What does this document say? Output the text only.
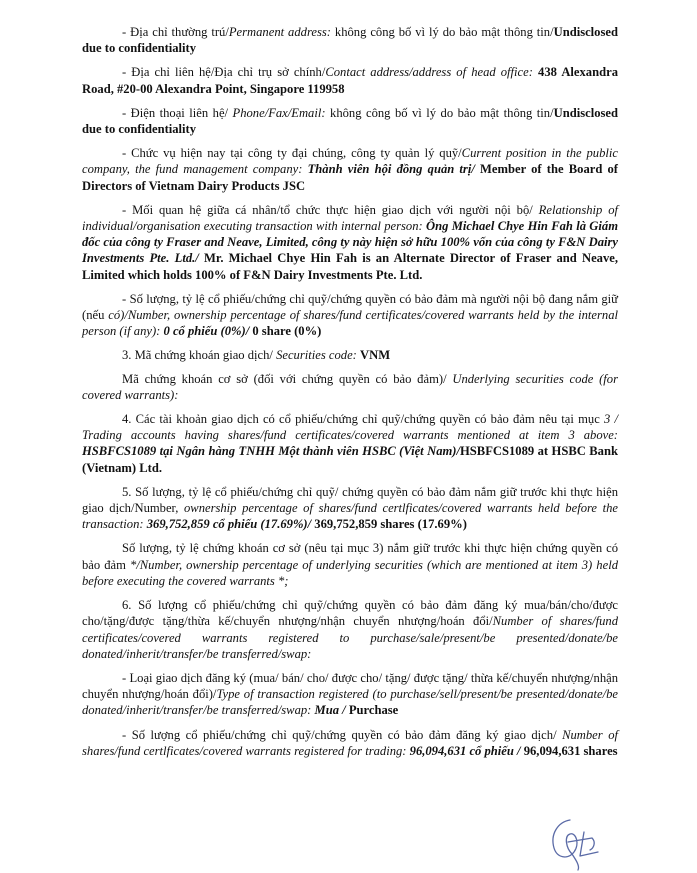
- Địa chỉ thường trú/Permanent address: không công bố vì lý do bảo mật thông tin/Undisclosed due to confidentiality

- Địa chỉ liên hệ/Địa chỉ trụ sở chính/Contact address/address of head office: 438 Alexandra Road, #20-00 Alexandra Point, Singapore 119958

- Điện thoại liên hệ/ Phone/Fax/Email: không công bố vì lý do bảo mật thông tin/Undisclosed due to confidentiality

- Chức vụ hiện nay tại công ty đại chúng, công ty quản lý quỹ/Current position in the public company, the fund management company: Thành viên hội đồng quản trị/ Member of the Board of Directors of Vietnam Dairy Products JSC

- Mối quan hệ giữa cá nhân/tổ chức thực hiện giao dịch với người nội bộ/ Relationship of individual/organisation executing transaction with internal person: Ông Michael Chye Hin Fah là Giám đốc của công ty Fraser and Neave, Limited, công ty này hiện sở hữu 100% vốn của công ty F&N Dairy Investments Pte. Ltd./ Mr. Michael Chye Hin Fah is an Alternate Director of Fraser and Neave, Limited which holds 100% of F&N Dairy Investments Pte. Ltd.

- Số lượng, tỷ lệ cổ phiếu/chứng chỉ quỹ/chứng quyền có bảo đảm mà người nội bộ đang nắm giữ (nếu có)/Number, ownership percentage of shares/fund certificates/covered warrants held by the internal person (if any): 0 cổ phiếu (0%)/ 0 share (0%)

3. Mã chứng khoán giao dịch/ Securities code: VNM

Mã chứng khoán cơ sở (đối với chứng quyền có bảo đảm)/ Underlying securities code (for covered warrants):

4. Các tài khoản giao dịch có cổ phiếu/chứng chỉ quỹ/chứng quyền có bảo đảm nêu tại mục 3 / Trading accounts having shares/fund certificates/covered warrants mentioned at item 3 above: HSBFCS1089 tại Ngân hàng TNHH Một thành viên HSBC (Việt Nam)/HSBFCS1089 at HSBC Bank (Vietnam) Ltd.

5. Số lượng, tỷ lệ cổ phiếu/chứng chỉ quỹ/ chứng quyền có bảo đảm nắm giữ trước khi thực hiện giao dịch/Number, ownership percentage of shares/fund certlficates/covered warrants held before the transaction: 369,752,859 cổ phiếu (17.69%)/ 369,752,859 shares (17.69%)

Số lượng, tỷ lệ chứng khoán cơ sở (nêu tại mục 3) nắm giữ trước khi thực hiện chứng quyền có bảo đảm */Number, ownership percentage of underlying securities (which are mentioned at item 3) held before executing the covered warrants *;

6. Số lượng cổ phiếu/chứng chỉ quỹ/chứng quyền có bảo đảm đăng ký mua/bán/cho/được cho/tặng/được tặng/thừa kế/chuyển nhượng/nhận chuyển nhượng/hoán đổi/Number of shares/fund certificates/covered warrants registered to purchase/sale/present/be presented/donate/be donated/inherit/transfer/be transferred/swap:

- Loại giao dịch đăng ký (mua/ bán/ cho/ được cho/ tặng/ được tặng/ thừa kế/chuyển nhượng/nhận chuyển nhượng/hoán đổi)/Type of transaction registered (to purchase/sell/present/be presented/donate/be donated/inherit/transfer/be transferred/swap: Mua / Purchase

- Số lượng cổ phiếu/chứng chỉ quỹ/chứng quyền có bảo đảm đăng ký giao dịch/ Number of shares/fund certlficates/covered warrants registered for trading: 96,094,631 cổ phiếu / 96,094,631 shares
